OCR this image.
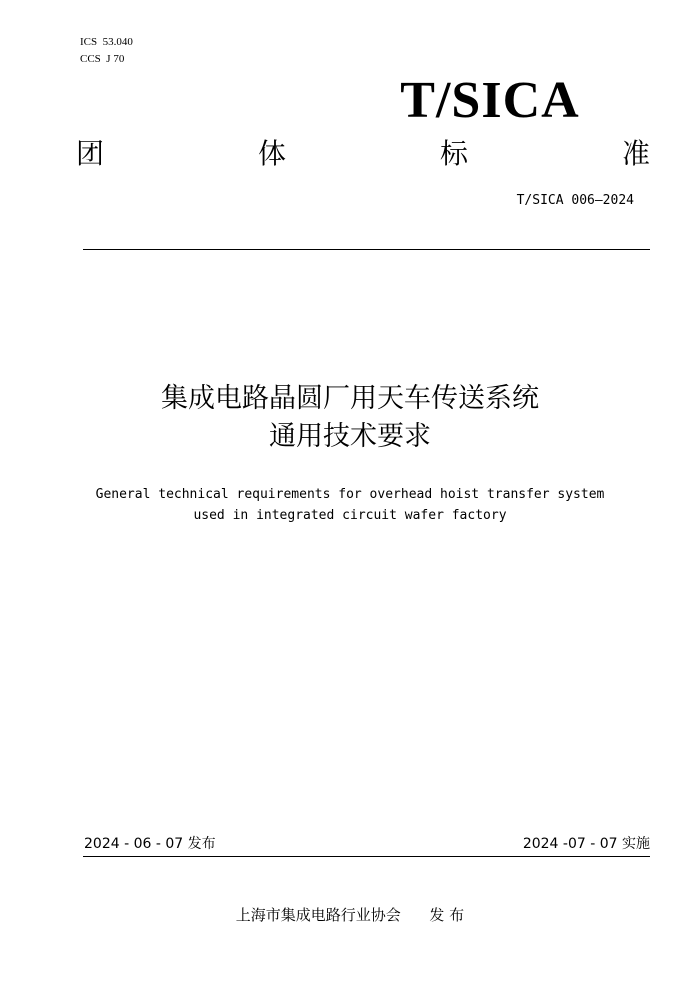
ICS  53.040
CCS  J 70
T/SICA
团	体	标	准
T/SICA 006—2024
集成电路晶圆厂用天车传送系统
通用技术要求
General technical requirements for overhead hoist transfer system
used in integrated circuit wafer factory
2024 - 06 - 07 发布	2024 -07 - 07 实施
上海市集成电路行业协会      发 布
